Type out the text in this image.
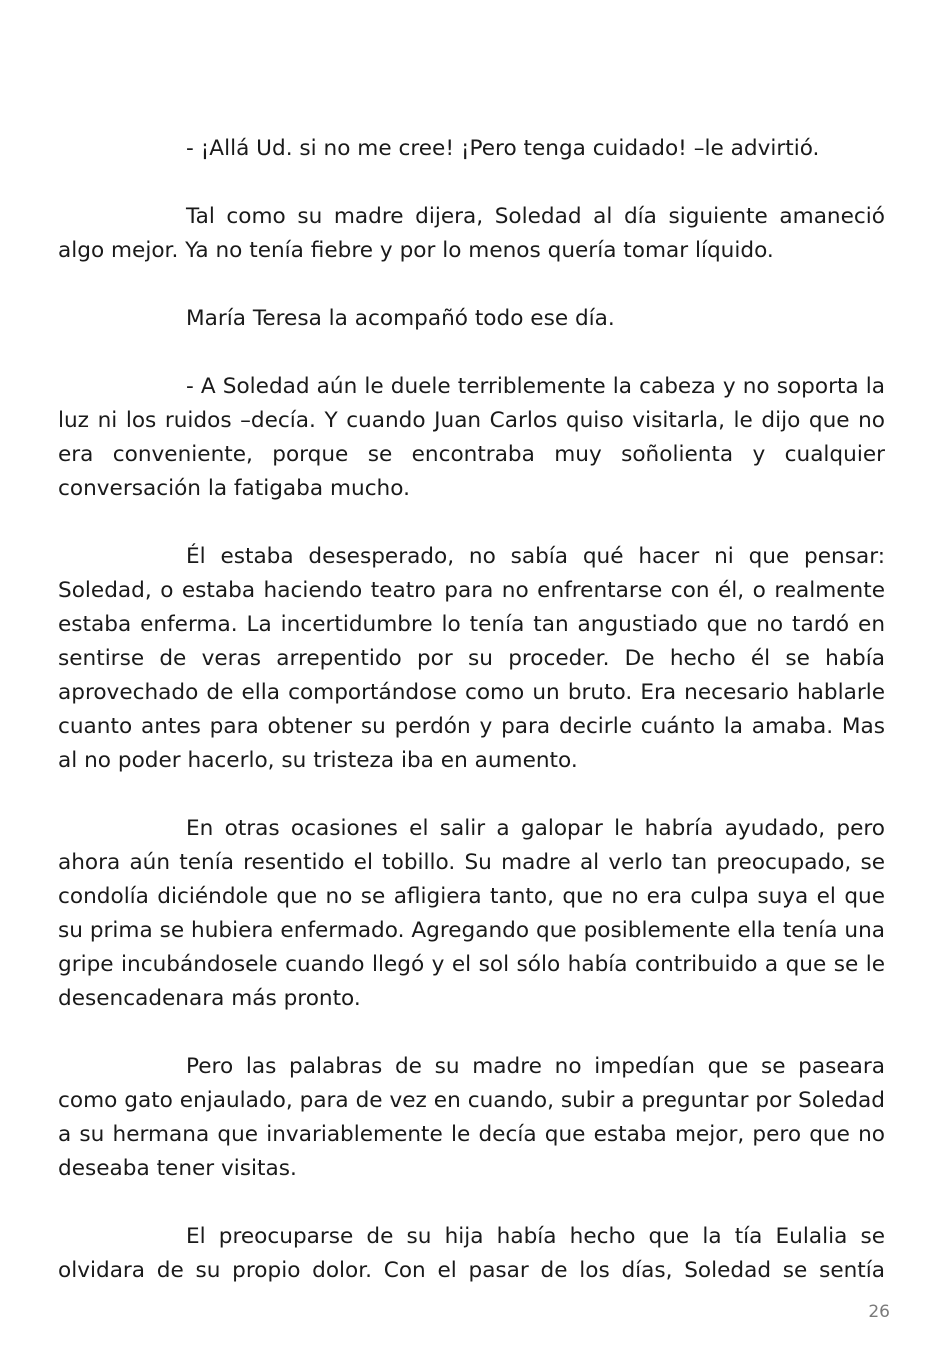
- ¡Allá Ud. si no me cree! ¡Pero tenga cuidado! –le advirtió.

Tal como su madre dijera, Soledad al día siguiente amaneció algo mejor. Ya no tenía fiebre y por lo menos quería tomar líquido.

María Teresa la acompañó todo ese día.

- A Soledad aún le duele terriblemente la cabeza y no soporta la luz ni los ruidos –decía. Y cuando Juan Carlos quiso visitarla, le dijo que no era conveniente, porque se encontraba muy soñolienta y cualquier conversación la fatigaba mucho.

Él estaba desesperado, no sabía qué hacer ni que pensar: Soledad, o estaba haciendo teatro para no enfrentarse con él, o realmente estaba enferma. La incertidumbre lo tenía tan angustiado que no tardó en sentirse de veras arrepentido por su proceder. De hecho él se había aprovechado de ella comportándose como un bruto. Era necesario hablarle cuanto antes para obtener su perdón y para decirle cuánto la amaba. Mas al no poder hacerlo, su tristeza iba en aumento.

En otras ocasiones el salir a galopar le habría ayudado, pero ahora aún tenía resentido el tobillo. Su madre al verlo tan preocupado, se condolía diciéndole que no se afligiera tanto, que no era culpa suya el que su prima se hubiera enfermado. Agregando que posiblemente ella tenía una gripe incubándosele cuando llegó y el sol sólo había contribuido a que se le desencadenara más pronto.

Pero las palabras de su madre no impedían que se paseara como gato enjaulado, para de vez en cuando, subir a preguntar por Soledad a su hermana que invariablemente le decía que estaba mejor, pero que no deseaba tener visitas.

El preocuparse de su hija había hecho que la tía Eulalia se olvidara de su propio dolor. Con el pasar de los días, Soledad se sentía

26
